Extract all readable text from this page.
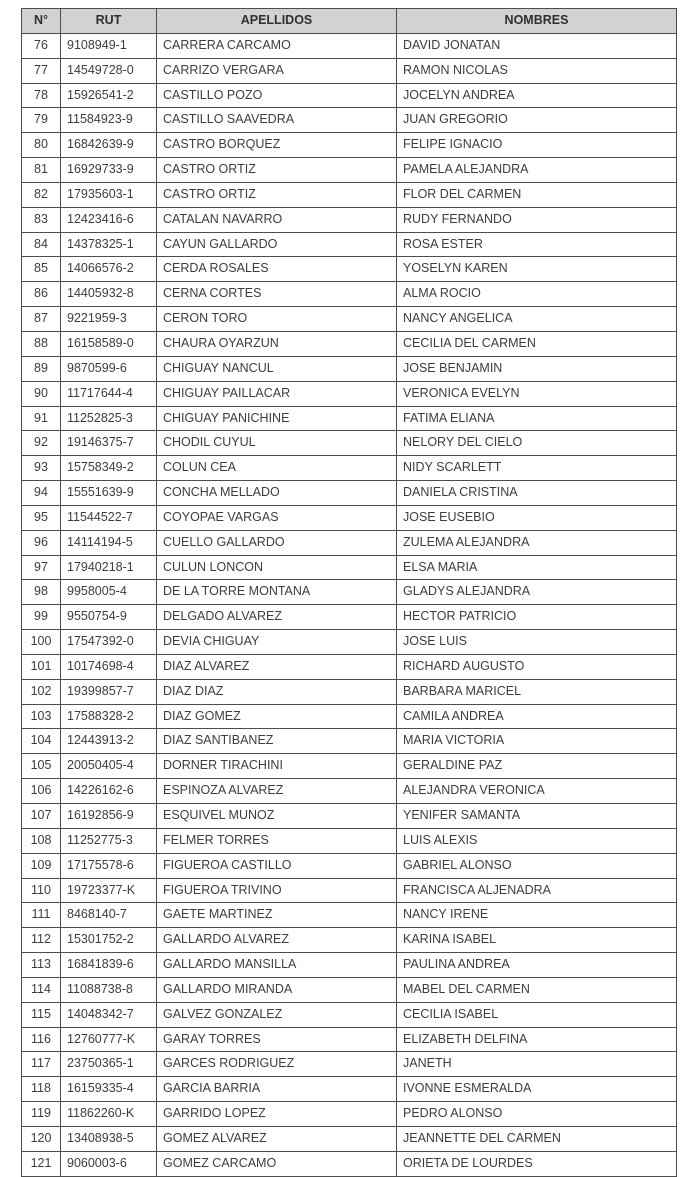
N°	RUT	APELLIDOS	NOMBRES
76	9108949-1	CARRERA CARCAMO	DAVID JONATAN
77	14549728-0	CARRIZO VERGARA	RAMON NICOLAS
78	15926541-2	CASTILLO POZO	JOCELYN ANDREA
79	11584923-9	CASTILLO SAAVEDRA	JUAN GREGORIO
80	16842639-9	CASTRO BORQUEZ	FELIPE IGNACIO
81	16929733-9	CASTRO ORTIZ	PAMELA ALEJANDRA
82	17935603-1	CASTRO ORTIZ	FLOR DEL CARMEN
83	12423416-6	CATALAN NAVARRO	RUDY FERNANDO
84	14378325-1	CAYUN GALLARDO	ROSA ESTER
85	14066576-2	CERDA ROSALES	YOSELYN KAREN
86	14405932-8	CERNA CORTES	ALMA ROCIO
87	9221959-3	CERON TORO	NANCY ANGELICA
88	16158589-0	CHAURA OYARZUN	CECILIA DEL CARMEN
89	9870599-6	CHIGUAY NANCUL	JOSE BENJAMIN
90	11717644-4	CHIGUAY PAILLACAR	VERONICA EVELYN
91	11252825-3	CHIGUAY PANICHINE	FATIMA ELIANA
92	19146375-7	CHODIL CUYUL	NELORY DEL CIELO
93	15758349-2	COLUN CEA	NIDY SCARLETT
94	15551639-9	CONCHA MELLADO	DANIELA CRISTINA
95	11544522-7	COYOPAE VARGAS	JOSE EUSEBIO
96	14114194-5	CUELLO GALLARDO	ZULEMA ALEJANDRA
97	17940218-1	CULUN LONCON	ELSA MARIA
98	9958005-4	DE LA TORRE MONTANA	GLADYS ALEJANDRA
99	9550754-9	DELGADO ALVAREZ	HECTOR PATRICIO
100	17547392-0	DEVIA CHIGUAY	JOSE LUIS
101	10174698-4	DIAZ ALVAREZ	RICHARD AUGUSTO
102	19399857-7	DIAZ DIAZ	BARBARA MARICEL
103	17588328-2	DIAZ GOMEZ	CAMILA ANDREA
104	12443913-2	DIAZ SANTIBANEZ	MARIA VICTORIA
105	20050405-4	DORNER TIRACHINI	GERALDINE PAZ
106	14226162-6	ESPINOZA ALVAREZ	ALEJANDRA VERONICA
107	16192856-9	ESQUIVEL MUNOZ	YENIFER SAMANTA
108	11252775-3	FELMER TORRES	LUIS ALEXIS
109	17175578-6	FIGUEROA CASTILLO	GABRIEL ALONSO
110	19723377-K	FIGUEROA TRIVINO	FRANCISCA ALJENADRA
111	8468140-7	GAETE MARTINEZ	NANCY IRENE
112	15301752-2	GALLARDO ALVAREZ	KARINA ISABEL
113	16841839-6	GALLARDO MANSILLA	PAULINA ANDREA
114	11088738-8	GALLARDO MIRANDA	MABEL DEL CARMEN
115	14048342-7	GALVEZ GONZALEZ	CECILIA ISABEL
116	12760777-K	GARAY TORRES	ELIZABETH DELFINA
117	23750365-1	GARCES RODRIGUEZ	JANETH
118	16159335-4	GARCIA BARRIA	IVONNE ESMERALDA
119	11862260-K	GARRIDO LOPEZ	PEDRO ALONSO
120	13408938-5	GOMEZ ALVAREZ	JEANNETTE DEL CARMEN
121	9060003-6	GOMEZ CARCAMO	ORIETA DE LOURDES
